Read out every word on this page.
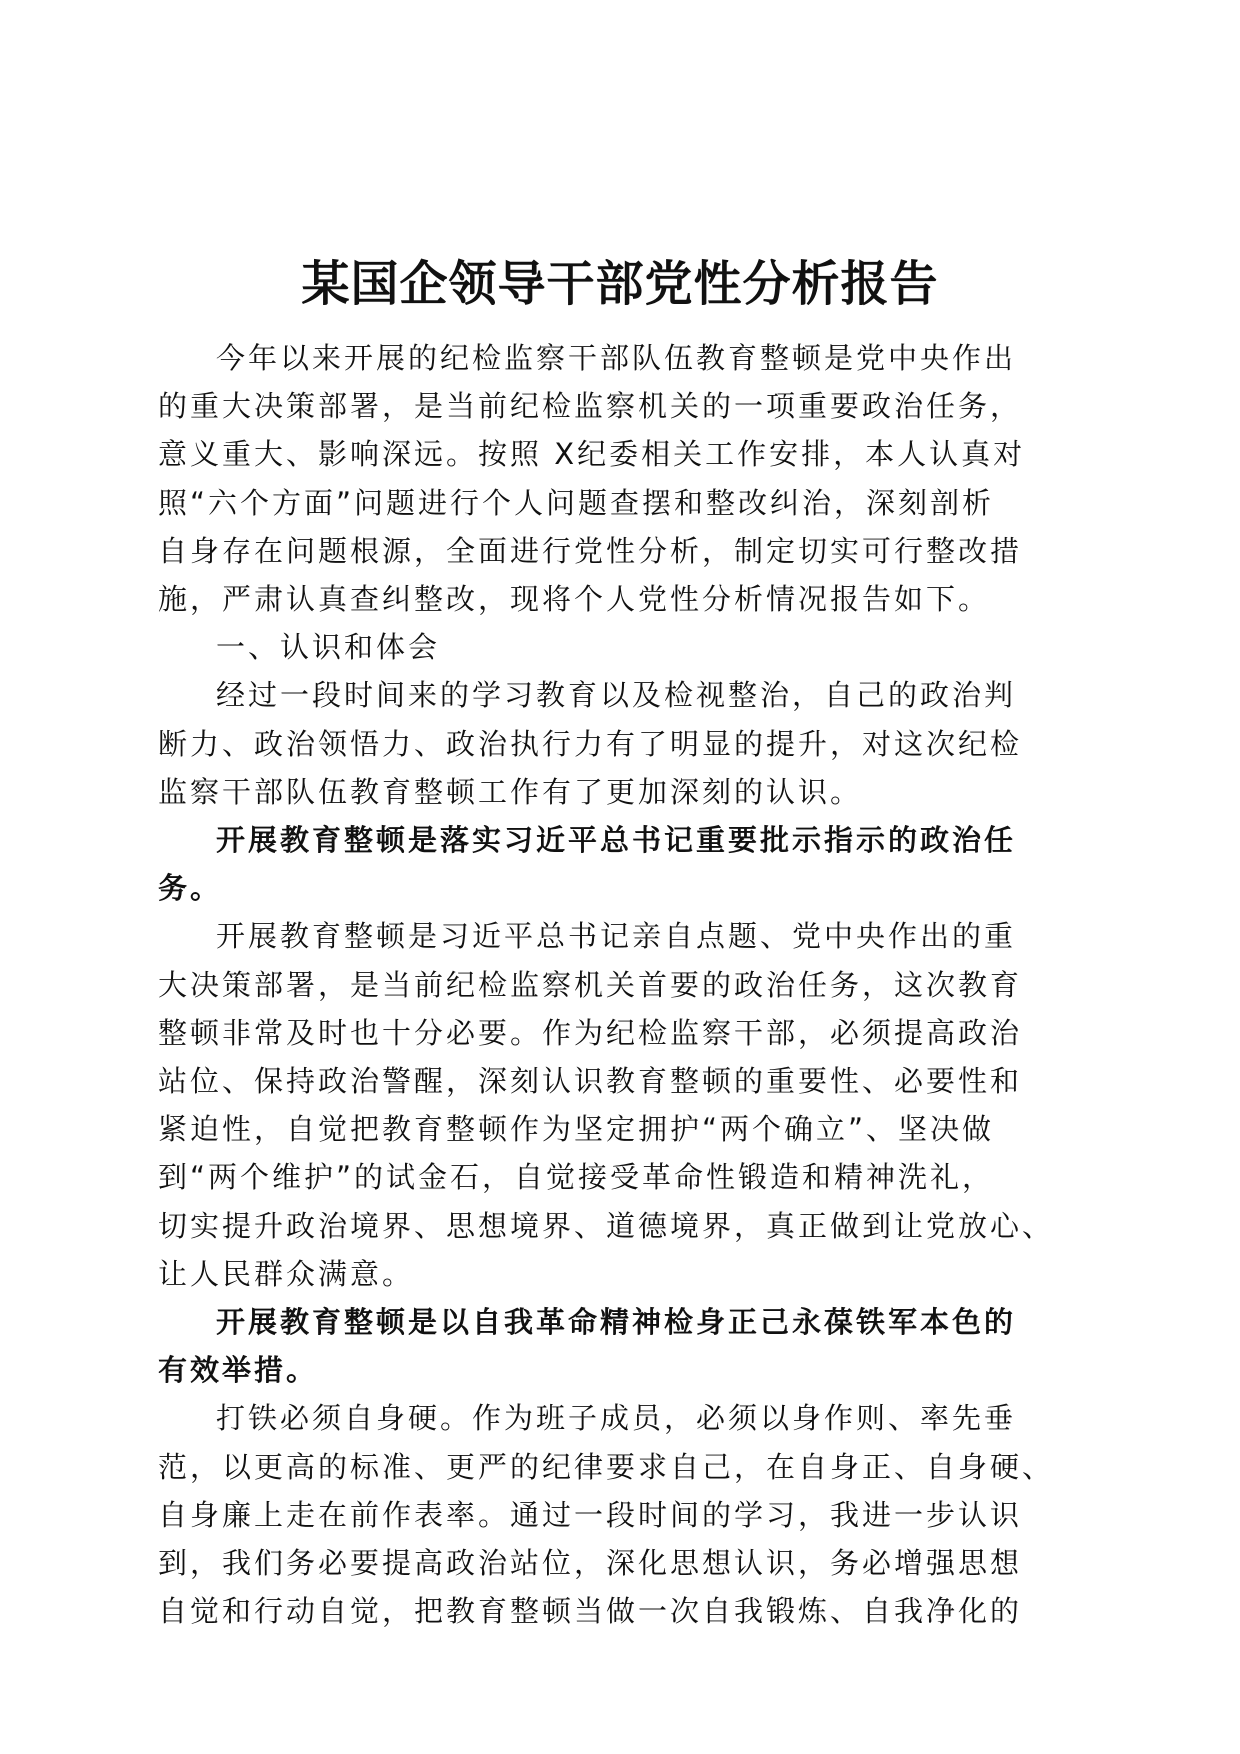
某国企领导干部党性分析报告

今年以来开展的纪检监察干部队伍教育整顿是党中央作出
的重大决策部署，是当前纪检监察机关的一项重要政治任务，
意义重大、影响深远。按照 X纪委相关工作安排，本人认真对
照“六个方面”问题进行个人问题查摆和整改纠治，深刻剖析
自身存在问题根源，全面进行党性分析，制定切实可行整改措
施，严肃认真查纠整改，现将个人党性分析情况报告如下。

一、认识和体会

经过一段时间来的学习教育以及检视整治，自己的政治判
断力、政治领悟力、政治执行力有了明显的提升，对这次纪检
监察干部队伍教育整顿工作有了更加深刻的认识。

开展教育整顿是落实习近平总书记重要批示指示的政治任
务。

开展教育整顿是习近平总书记亲自点题、党中央作出的重
大决策部署，是当前纪检监察机关首要的政治任务，这次教育
整顿非常及时也十分必要。作为纪检监察干部，必须提高政治
站位、保持政治警醒，深刻认识教育整顿的重要性、必要性和
紧迫性，自觉把教育整顿作为坚定拥护“两个确立”、坚决做
到“两个维护”的试金石，自觉接受革命性锻造和精神洗礼，
切实提升政治境界、思想境界、道德境界，真正做到让党放心、
让人民群众满意。

开展教育整顿是以自我革命精神检身正己永葆铁军本色的
有效举措。

打铁必须自身硬。作为班子成员，必须以身作则、率先垂
范，以更高的标准、更严的纪律要求自己，在自身正、自身硬、
自身廉上走在前作表率。通过一段时间的学习，我进一步认识
到，我们务必要提高政治站位，深化思想认识，务必增强思想
自觉和行动自觉，把教育整顿当做一次自我锻炼、自我净化的
